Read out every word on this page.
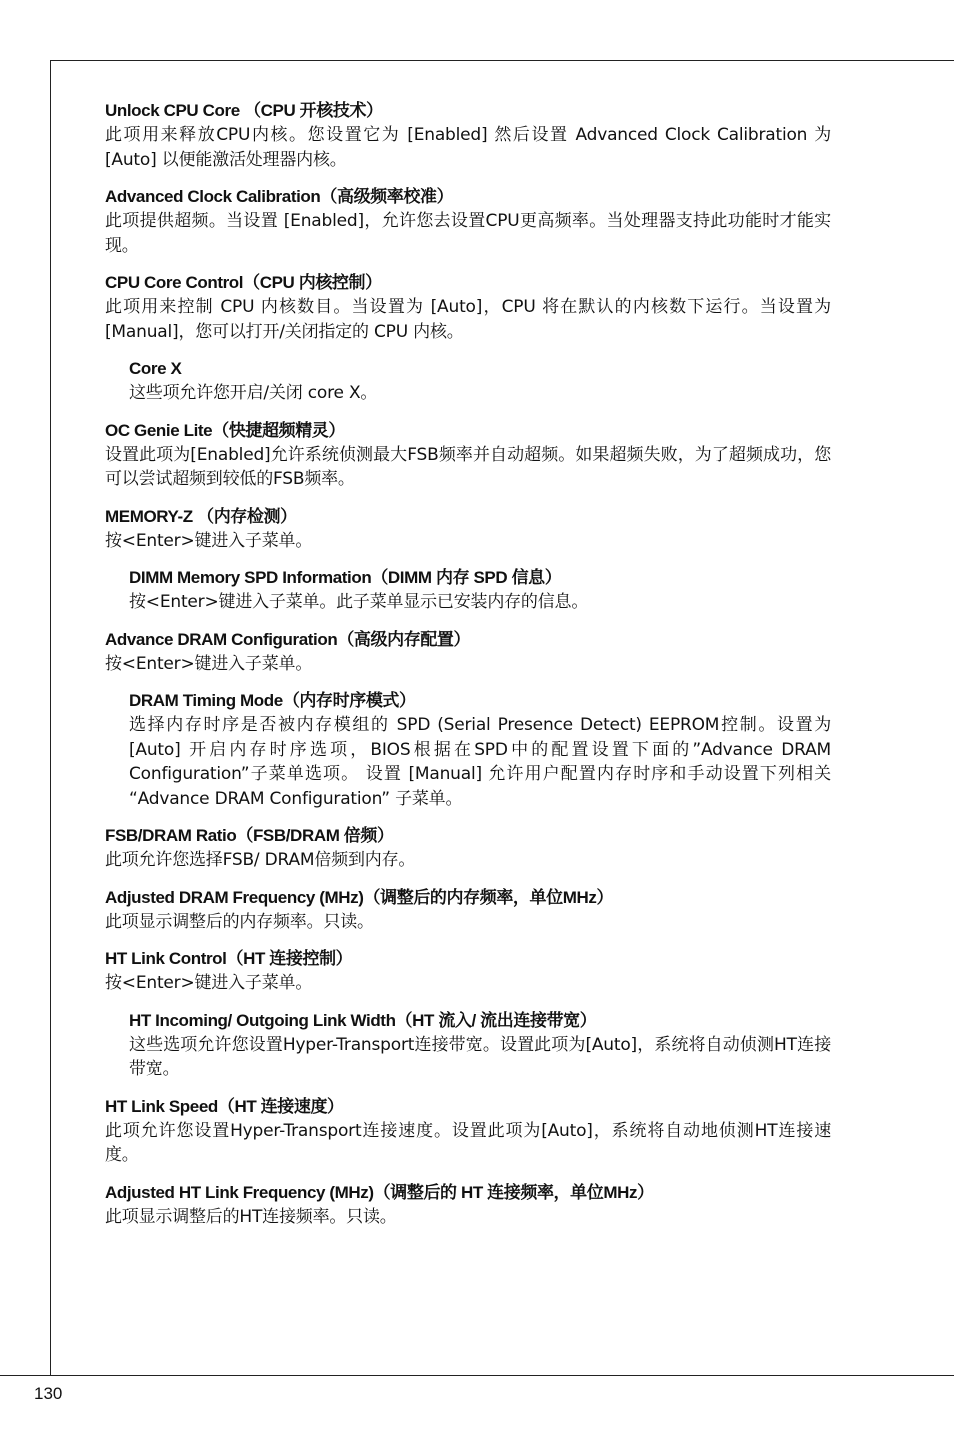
Unlock CPU Core （CPU 开核技术）

此项用来释放CPU内核。您设置它为 [Enabled] 然后设置 Advanced Clock Calibration 为 [Auto] 以便能激活处理器内核。

Advanced Clock Calibration（高级频率校准）

此项提供超频。当设置 [Enabled]，允许您去设置CPU更高频率。当处理器支持此功能时才能实现。

CPU Core Control（CPU 内核控制）

此项用来控制 CPU 内核数目。当设置为 [Auto]，CPU 将在默认的内核数下运行。当设置为 [Manual]，您可以打开/关闭指定的 CPU 内核。

Core X

这些项允许您开启/关闭 core X。

OC Genie Lite（快捷超频精灵）

设置此项为[Enabled]允许系统侦测最大FSB频率并自动超频。如果超频失败，为了超频成功，您可以尝试超频到较低的FSB频率。

MEMORY-Z （内存检测）

按<Enter>键进入子菜单。

DIMM Memory SPD Information（DIMM 内存 SPD 信息）

按<Enter>键进入子菜单。此子菜单显示已安装内存的信息。

Advance DRAM Configuration（高级内存配置）

按<Enter>键进入子菜单。

DRAM Timing Mode（内存时序模式）

选择内存时序是否被内存模组的 SPD (Serial Presence Detect) EEPROM控制。设置为 [Auto] 开启内存时序选项，BIOS根据在SPD中的配置设置下面的”Advance DRAM Configuration”子菜单选项。 设置 [Manual] 允许用户配置内存时序和手动设置下列相关 “Advance DRAM Configuration” 子菜单。

FSB/DRAM Ratio（FSB/DRAM 倍频）

此项允许您选择FSB/ DRAM倍频到内存。

Adjusted DRAM Frequency (MHz)（调整后的内存频率，单位MHz）

此项显示调整后的内存频率。只读。

HT Link Control（HT 连接控制）

按<Enter>键进入子菜单。

HT Incoming/ Outgoing Link Width（HT 流入/ 流出连接带宽）

这些选项允许您设置Hyper-Transport连接带宽。设置此项为[Auto]，系统将自动侦测HT连接带宽。

HT Link Speed（HT 连接速度）

此项允许您设置Hyper-Transport连接速度。设置此项为[Auto]，系统将自动地侦测HT连接速度。

Adjusted HT Link Frequency (MHz)（调整后的 HT 连接频率，单位MHz）

此项显示调整后的HT连接频率。只读。

130
